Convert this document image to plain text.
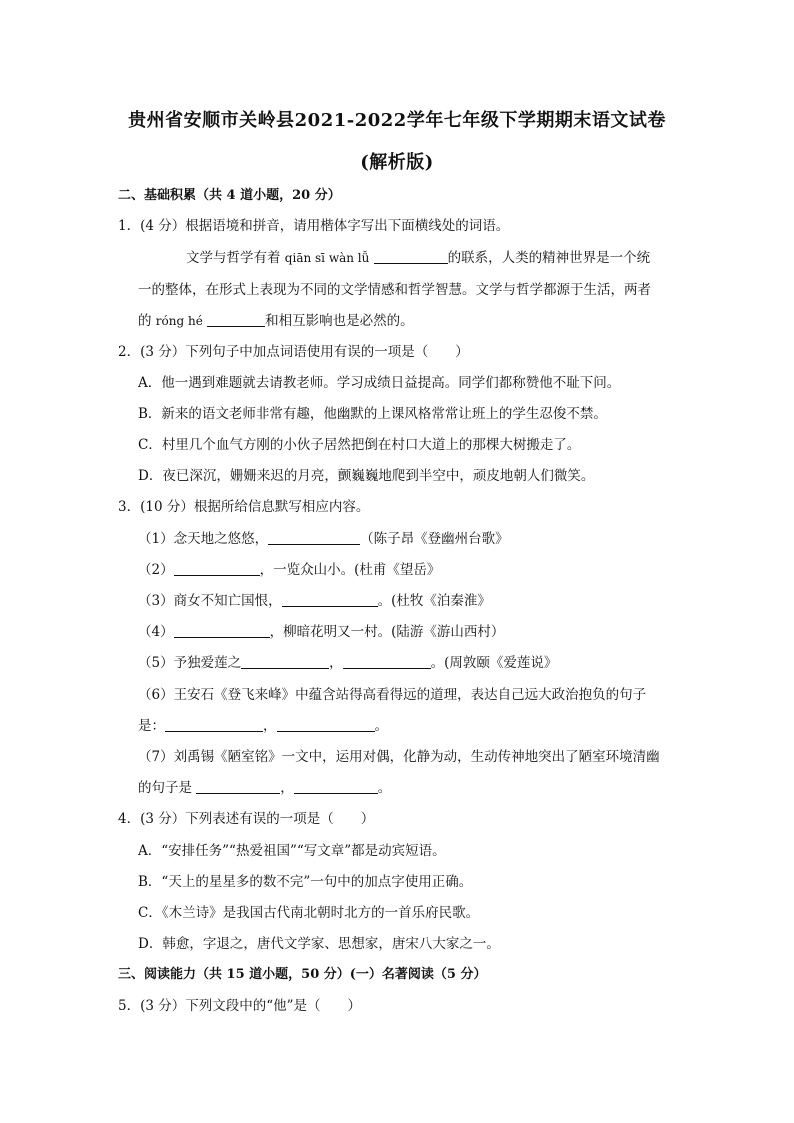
贵州省安顺市关岭县2021-2022学年七年级下学期期末语文试卷
(解析版)
二、基础积累（共 4 道小题，20 分）
1．(4 分）根据语境和拼音，请用楷体字写出下面横线处的词语。
文学与哲学有着 qiān sī wàn lǚ	的联系，人类的精神世界是一个统
一的整体，在形式上表现为不同的文学情感和哲学智慧。文学与哲学都源于生活，两者
的 róng hé	和相互影响也是必然的。
2．(3 分）下列句子中加点词语使用有误的一项是（　　）
A．他一遇到难题就去请教老师。学习成绩日益提高。同学们都称赞他不耻下问。
B．新来的语文老师非常有趣，他幽默的上课风格常常让班上的学生忍俊不禁。
C．村里几个血气方刚的小伙子居然把倒在村口大道上的那棵大树搬走了。
D．夜已深沉，姗姗来迟的月亮，颤巍巍地爬到半空中，顽皮地朝人们微笑。
3．(10 分）根据所给信息默写相应内容。
（1）念天地之悠悠，	（陈子昂《登幽州台歌》
（2）	，一览众山小。(杜甫《望岳》
（3）商女不知亡国恨，	。(杜牧《泊秦淮》
（4）	，柳暗花明又一村。(陆游《游山西村）
（5）予独爱莲之	，	。(周敦颐《爱莲说》
（6）王安石《登飞来峰》中蕴含站得高看得远的道理，表达自己远大政治抱负的句子
是：	，	。
（7）刘禹锡《陋室铭》一文中，运用对偶，化静为动，生动传神地突出了陋室环境清幽
的句子是	，	。
4．(3 分）下列表述有误的一项是（　　）
A．“安排任务”“热爱祖国”“写文章”都是动宾短语。
B．“天上的星星多的数不完”一句中的加点字使用正确。
C．《木兰诗》是我国古代南北朝时北方的一首乐府民歌。
D．韩愈，字退之，唐代文学家、思想家，唐宋八大家之一。
三、阅读能力（共 15 道小题，50 分）(一）名著阅读（5 分）
5．(3 分）下列文段中的“他”是（　　）
